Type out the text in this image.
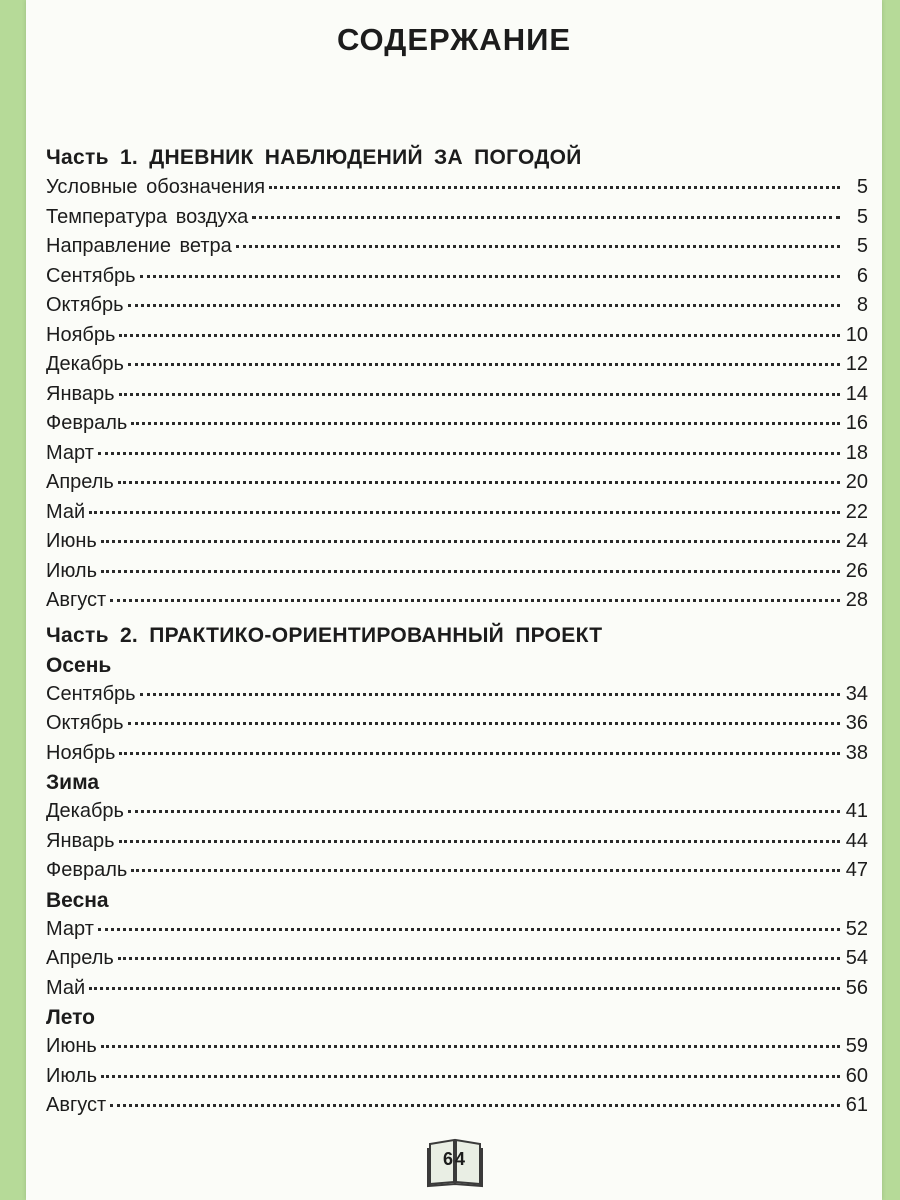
СОДЕРЖАНИЕ
Часть 1. ДНЕВНИК НАБЛЮДЕНИЙ ЗА ПОГОДОЙ
Условные обозначения	5
Температура воздуха	5
Направление ветра	5
Сентябрь	6
Октябрь	8
Ноябрь	10
Декабрь	12
Январь	14
Февраль	16
Март	18
Апрель	20
Май	22
Июнь	24
Июль	26
Август	28
Часть 2. ПРАКТИКО-ОРИЕНТИРОВАННЫЙ ПРОЕКТ
Осень
Сентябрь	34
Октябрь	36
Ноябрь	38
Зима
Декабрь	41
Январь	44
Февраль	47
Весна
Март	52
Апрель	54
Май	56
Лето
Июнь	59
Июль	60
Август	61
64
